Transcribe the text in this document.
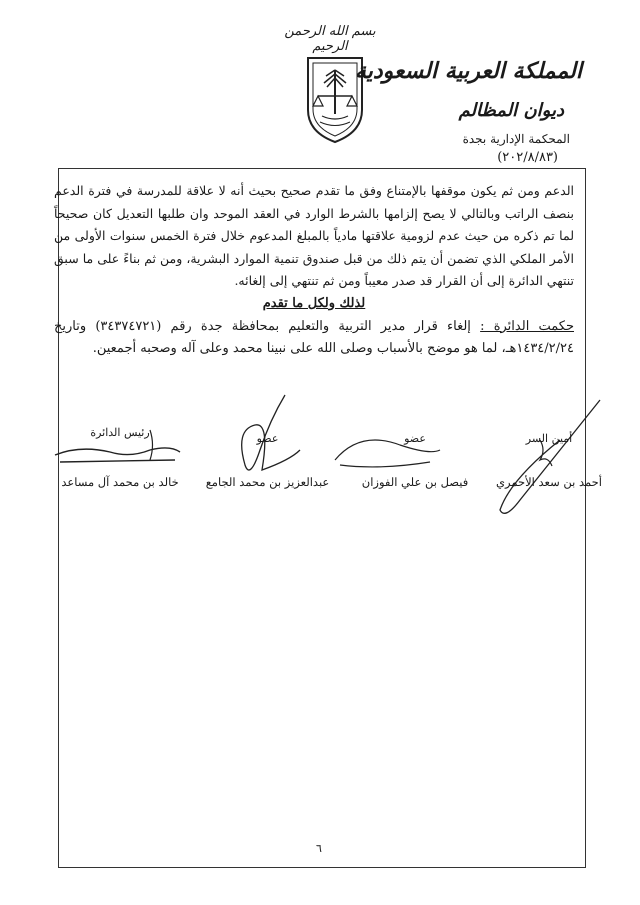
بسم الله الرحمن الرحيم
المملكة العربية السعودية
ديوان المظالم
المحكمة الإدارية بجدة
(٢٠٢/٨/٨٣)

الدعم ومن ثم يكون موقفها بالإمتناع وفق ما تقدم صحيح بحيث أنه لا علاقة للمدرسة في فترة الدعم بنصف الراتب وبالتالي لا يصح إلزامها بالشرط الوارد في العقد الموحد وان طلبها التعديل كان صحيحاً لما تم ذكره من حيث عدم لزومية علاقتها مادياً بالمبلغ المدعوم خلال فترة الخمس سنوات الأولى من الأمر الملكي الذي تضمن أن يتم ذلك من قبل صندوق تنمية الموارد البشرية، ومن ثم بناءً على ما سبق تنتهي الدائرة إلى أن القرار قد صدر معيباً ومن ثم تنتهي إلى إلغائه.

لذلك ولكل ما تقدم

حكمت الدائرة : إلغاء قرار مدير التربية والتعليم بمحافظة جدة رقم (٣٤٣٧٤٧٢١) وتاريخ ١٤٣٤/٢/٢٤هـ، لما هو موضح بالأسباب وصلى الله على نبينا محمد وعلى آله وصحبه أجمعين.

أمين السر
أحمد بن سعد الأحمري
عضو
فيصل بن علي الفوزان
عضو
عبدالعزيز بن محمد الجامع
رئيس الدائرة
خالد بن محمد آل مساعد
٦
